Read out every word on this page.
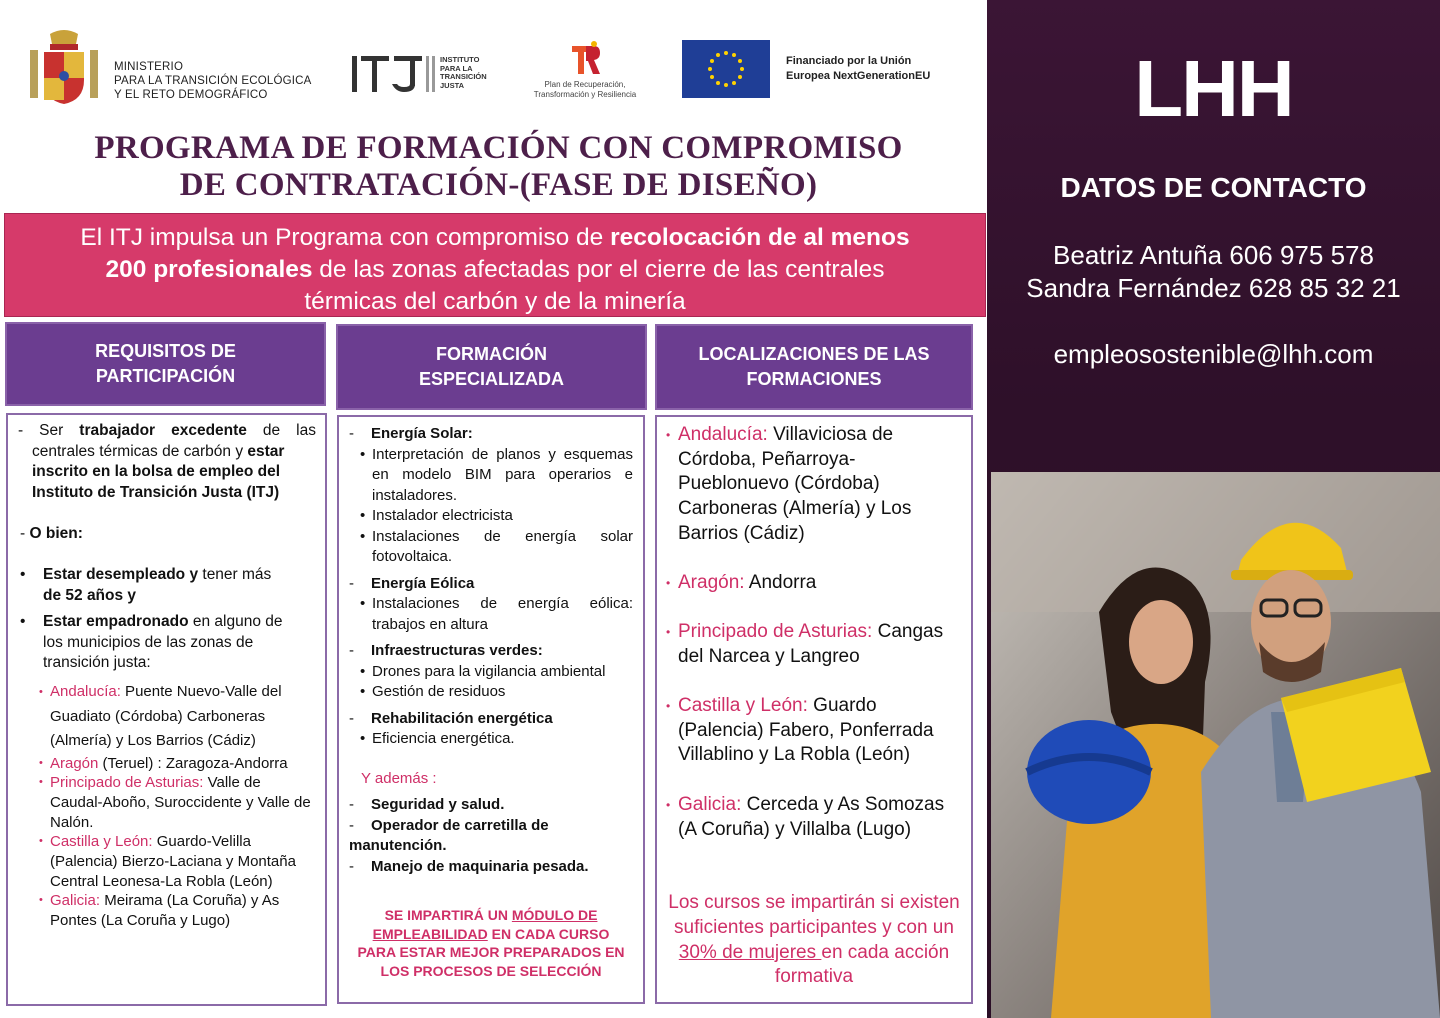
MINISTERIO
PARA LA TRANSICIÓN ECOLÓGICA
Y EL RETO DEMOGRÁFICO
INSTITUTO
PARA LA
TRANSICIÓN
JUSTA	Plan de Recuperación,
Transformación y Resiliencia
Financiado por la Unión
Europea NextGenerationEU
PROGRAMA DE FORMACIÓN CON COMPROMISO
DE CONTRATACIÓN-(FASE DE DISEÑO)
El ITJ impulsa un Programa con compromiso de recolocación de al menos
200 profesionales de las zonas afectadas por el cierre de las centrales
térmicas del carbón y de la minería
REQUISITOS DE
PARTICIPACIÓN
FORMACIÓN
ESPECIALIZADA
LOCALIZACIONES DE LAS
FORMACIONES
- Ser trabajador excedente de las
centrales térmicas de carbón y estar
inscrito en la bolsa de empleo del
Instituto de Transición Justa (ITJ)
- O bien:
•	Estar desempleado y tener más
de 52 años y
•	Estar empadronado en alguno de
los municipios de las zonas de
transición justa:
• Andalucía: Puente Nuevo-Valle del Guadiato (Córdoba) Carboneras (Almería) y Los Barrios (Cádiz)
• Aragón (Teruel) : Zaragoza-Andorra
• Principado de Asturias: Valle de Caudal-Aboño, Suroccidente y Valle de Nalón.
• Castilla y León: Guardo-Velilla (Palencia) Bierzo-Laciana y Montaña Central Leonesa-La Robla (León)
• Galicia: Meirama (La Coruña) y As Pontes (La Coruña y Lugo)
- Energía Solar:
• Interpretación de planos y esquemas en modelo BIM para operarios e instaladores.
• Instalador electricista
• Instalaciones de energía solar fotovoltaica.
- Energía Eólica
• Instalaciones de energía eólica: trabajos en altura
- Infraestructuras verdes:
• Drones para la vigilancia ambiental
• Gestión de residuos
- Rehabilitación energética
• Eficiencia energética.
Y además :
- Seguridad y salud.
- Operador de carretilla de manutención.
- Manejo de maquinaria pesada.
SE IMPARTIRÁ UN MÓDULO DE EMPLEABILIDAD EN CADA CURSO PARA ESTAR MEJOR PREPARADOS EN LOS PROCESOS DE SELECCIÓN
• Andalucía: Villaviciosa de Córdoba, Peñarroya-Pueblonuevo (Córdoba) Carboneras (Almería) y Los Barrios (Cádiz)
• Aragón: Andorra
• Principado de Asturias: Cangas del Narcea y Langreo
• Castilla y León: Guardo (Palencia) Fabero, Ponferrada Villablino y La Robla (León)
• Galicia: Cerceda y As Somozas (A Coruña) y Villalba (Lugo)
Los cursos se impartirán si existen suficientes participantes y con un 30% de mujeres en cada acción formativa
LHH
DATOS DE CONTACTO
Beatriz Antuña 606 975 578
Sandra Fernández 628 85 32 21
empleosostenible@lhh.com
